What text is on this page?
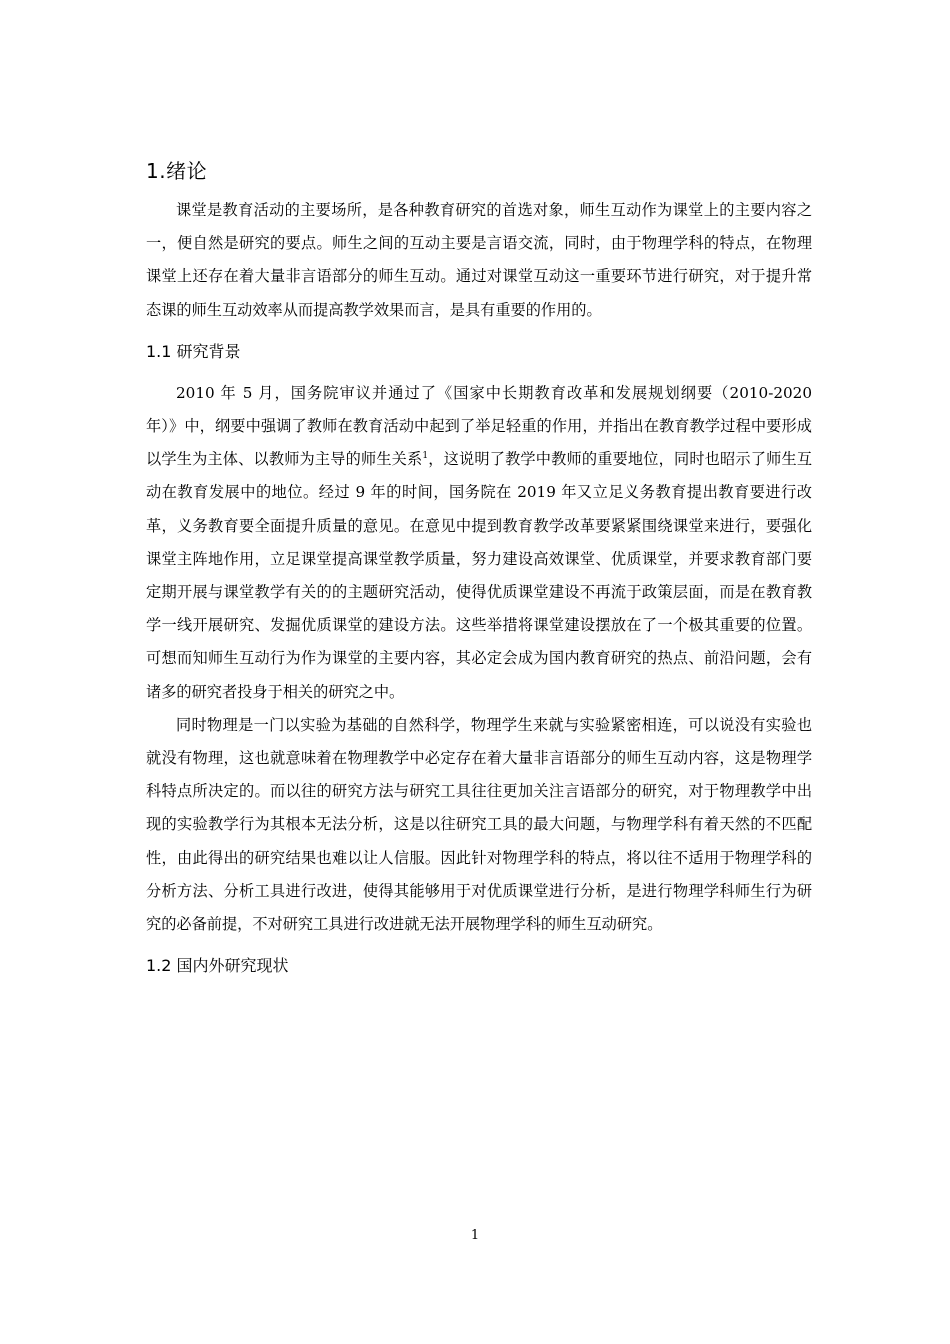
1.绪论

课堂是教育活动的主要场所，是各种教育研究的首选对象，师生互动作为课堂上的主要内容之一，便自然是研究的要点。师生之间的互动主要是言语交流，同时，由于物理学科的特点，在物理课堂上还存在着大量非言语部分的师生互动。通过对课堂互动这一重要环节进行研究，对于提升常态课的师生互动效率从而提高教学效果而言，是具有重要的作用的。

1.1 研究背景

2010 年 5 月，国务院审议并通过了《国家中长期教育改革和发展规划纲要（2010-2020 年）》中，纲要中强调了教师在教育活动中起到了举足轻重的作用，并指出在教育教学过程中要形成以学生为主体、以教师为主导的师生关系$^1$，这说明了教学中教师的重要地位，同时也昭示了师生互动在教育发展中的地位。经过 9 年的时间，国务院在 2019 年又立足义务教育提出教育要进行改革，义务教育要全面提升质量的意见。在意见中提到教育教学改革要紧紧围绕课堂来进行，要强化课堂主阵地作用，立足课堂提高课堂教学质量，努力建设高效课堂、优质课堂，并要求教育部门要定期开展与课堂教学有关的的主题研究活动，使得优质课堂建设不再流于政策层面，而是在教育教学一线开展研究、发掘优质课堂的建设方法。这些举措将课堂建设摆放在了一个极其重要的位置。可想而知师生互动行为作为课堂的主要内容，其必定会成为国内教育研究的热点、前沿问题，会有诸多的研究者投身于相关的研究之中。

同时物理是一门以实验为基础的自然科学，物理学生来就与实验紧密相连，可以说没有实验也就没有物理，这也就意味着在物理教学中必定存在着大量非言语部分的师生互动内容，这是物理学科特点所决定的。而以往的研究方法与研究工具往往更加关注言语部分的研究，对于物理教学中出现的实验教学行为其根本无法分析，这是以往研究工具的最大问题，与物理学科有着天然的不匹配性，由此得出的研究结果也难以让人信服。因此针对物理学科的特点，将以往不适用于物理学科的分析方法、分析工具进行改进，使得其能够用于对优质课堂进行分析，是进行物理学科师生行为研究的必备前提，不对研究工具进行改进就无法开展物理学科的师生互动研究。

1.2 国内外研究现状
1
